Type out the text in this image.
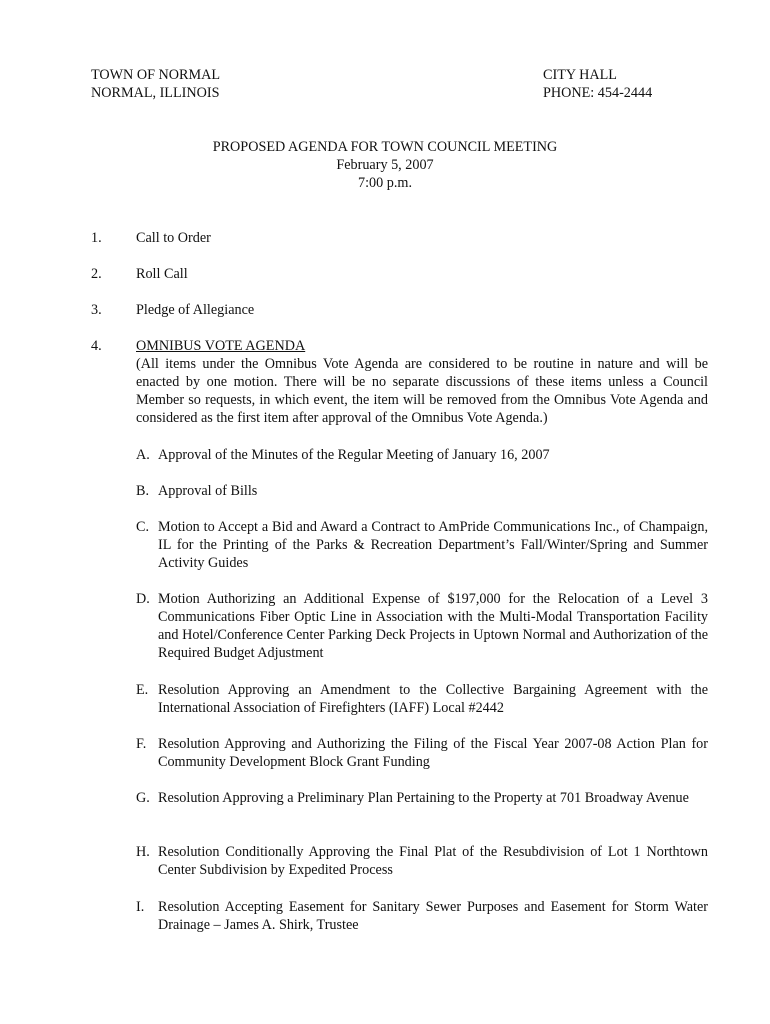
TOWN OF NORMAL
NORMAL, ILLINOIS
CITY HALL
PHONE: 454-2444
PROPOSED AGENDA FOR TOWN COUNCIL MEETING
February 5, 2007
7:00 p.m.
1.	Call to Order
2.	Roll Call
3.	Pledge of Allegiance
4.	OMNIBUS VOTE AGENDA
(All items under the Omnibus Vote Agenda are considered to be routine in nature and will be enacted by one motion. There will be no separate discussions of these items unless a Council Member so requests, in which event, the item will be removed from the Omnibus Vote Agenda and considered as the first item after approval of the Omnibus Vote Agenda.)
A. Approval of the Minutes of the Regular Meeting of January 16, 2007
B. Approval of Bills
C. Motion to Accept a Bid and Award a Contract to AmPride Communications Inc., of Champaign, IL for the Printing of the Parks & Recreation Department’s Fall/Winter/Spring and Summer Activity Guides
D. Motion Authorizing an Additional Expense of $197,000 for the Relocation of a Level 3 Communications Fiber Optic Line in Association with the Multi-Modal Transportation Facility and Hotel/Conference Center Parking Deck Projects in Uptown Normal and Authorization of the Required Budget Adjustment
E. Resolution Approving an Amendment to the Collective Bargaining Agreement with the International Association of Firefighters (IAFF) Local #2442
F. Resolution Approving and Authorizing the Filing of the Fiscal Year 2007-08 Action Plan for Community Development Block Grant Funding
G. Resolution Approving a Preliminary Plan Pertaining to the Property at 701 Broadway Avenue
H. Resolution Conditionally Approving the Final Plat of the Resubdivision of Lot 1 Northtown Center Subdivision by Expedited Process
I. Resolution Accepting Easement for Sanitary Sewer Purposes and Easement for Storm Water Drainage – James A. Shirk, Trustee
